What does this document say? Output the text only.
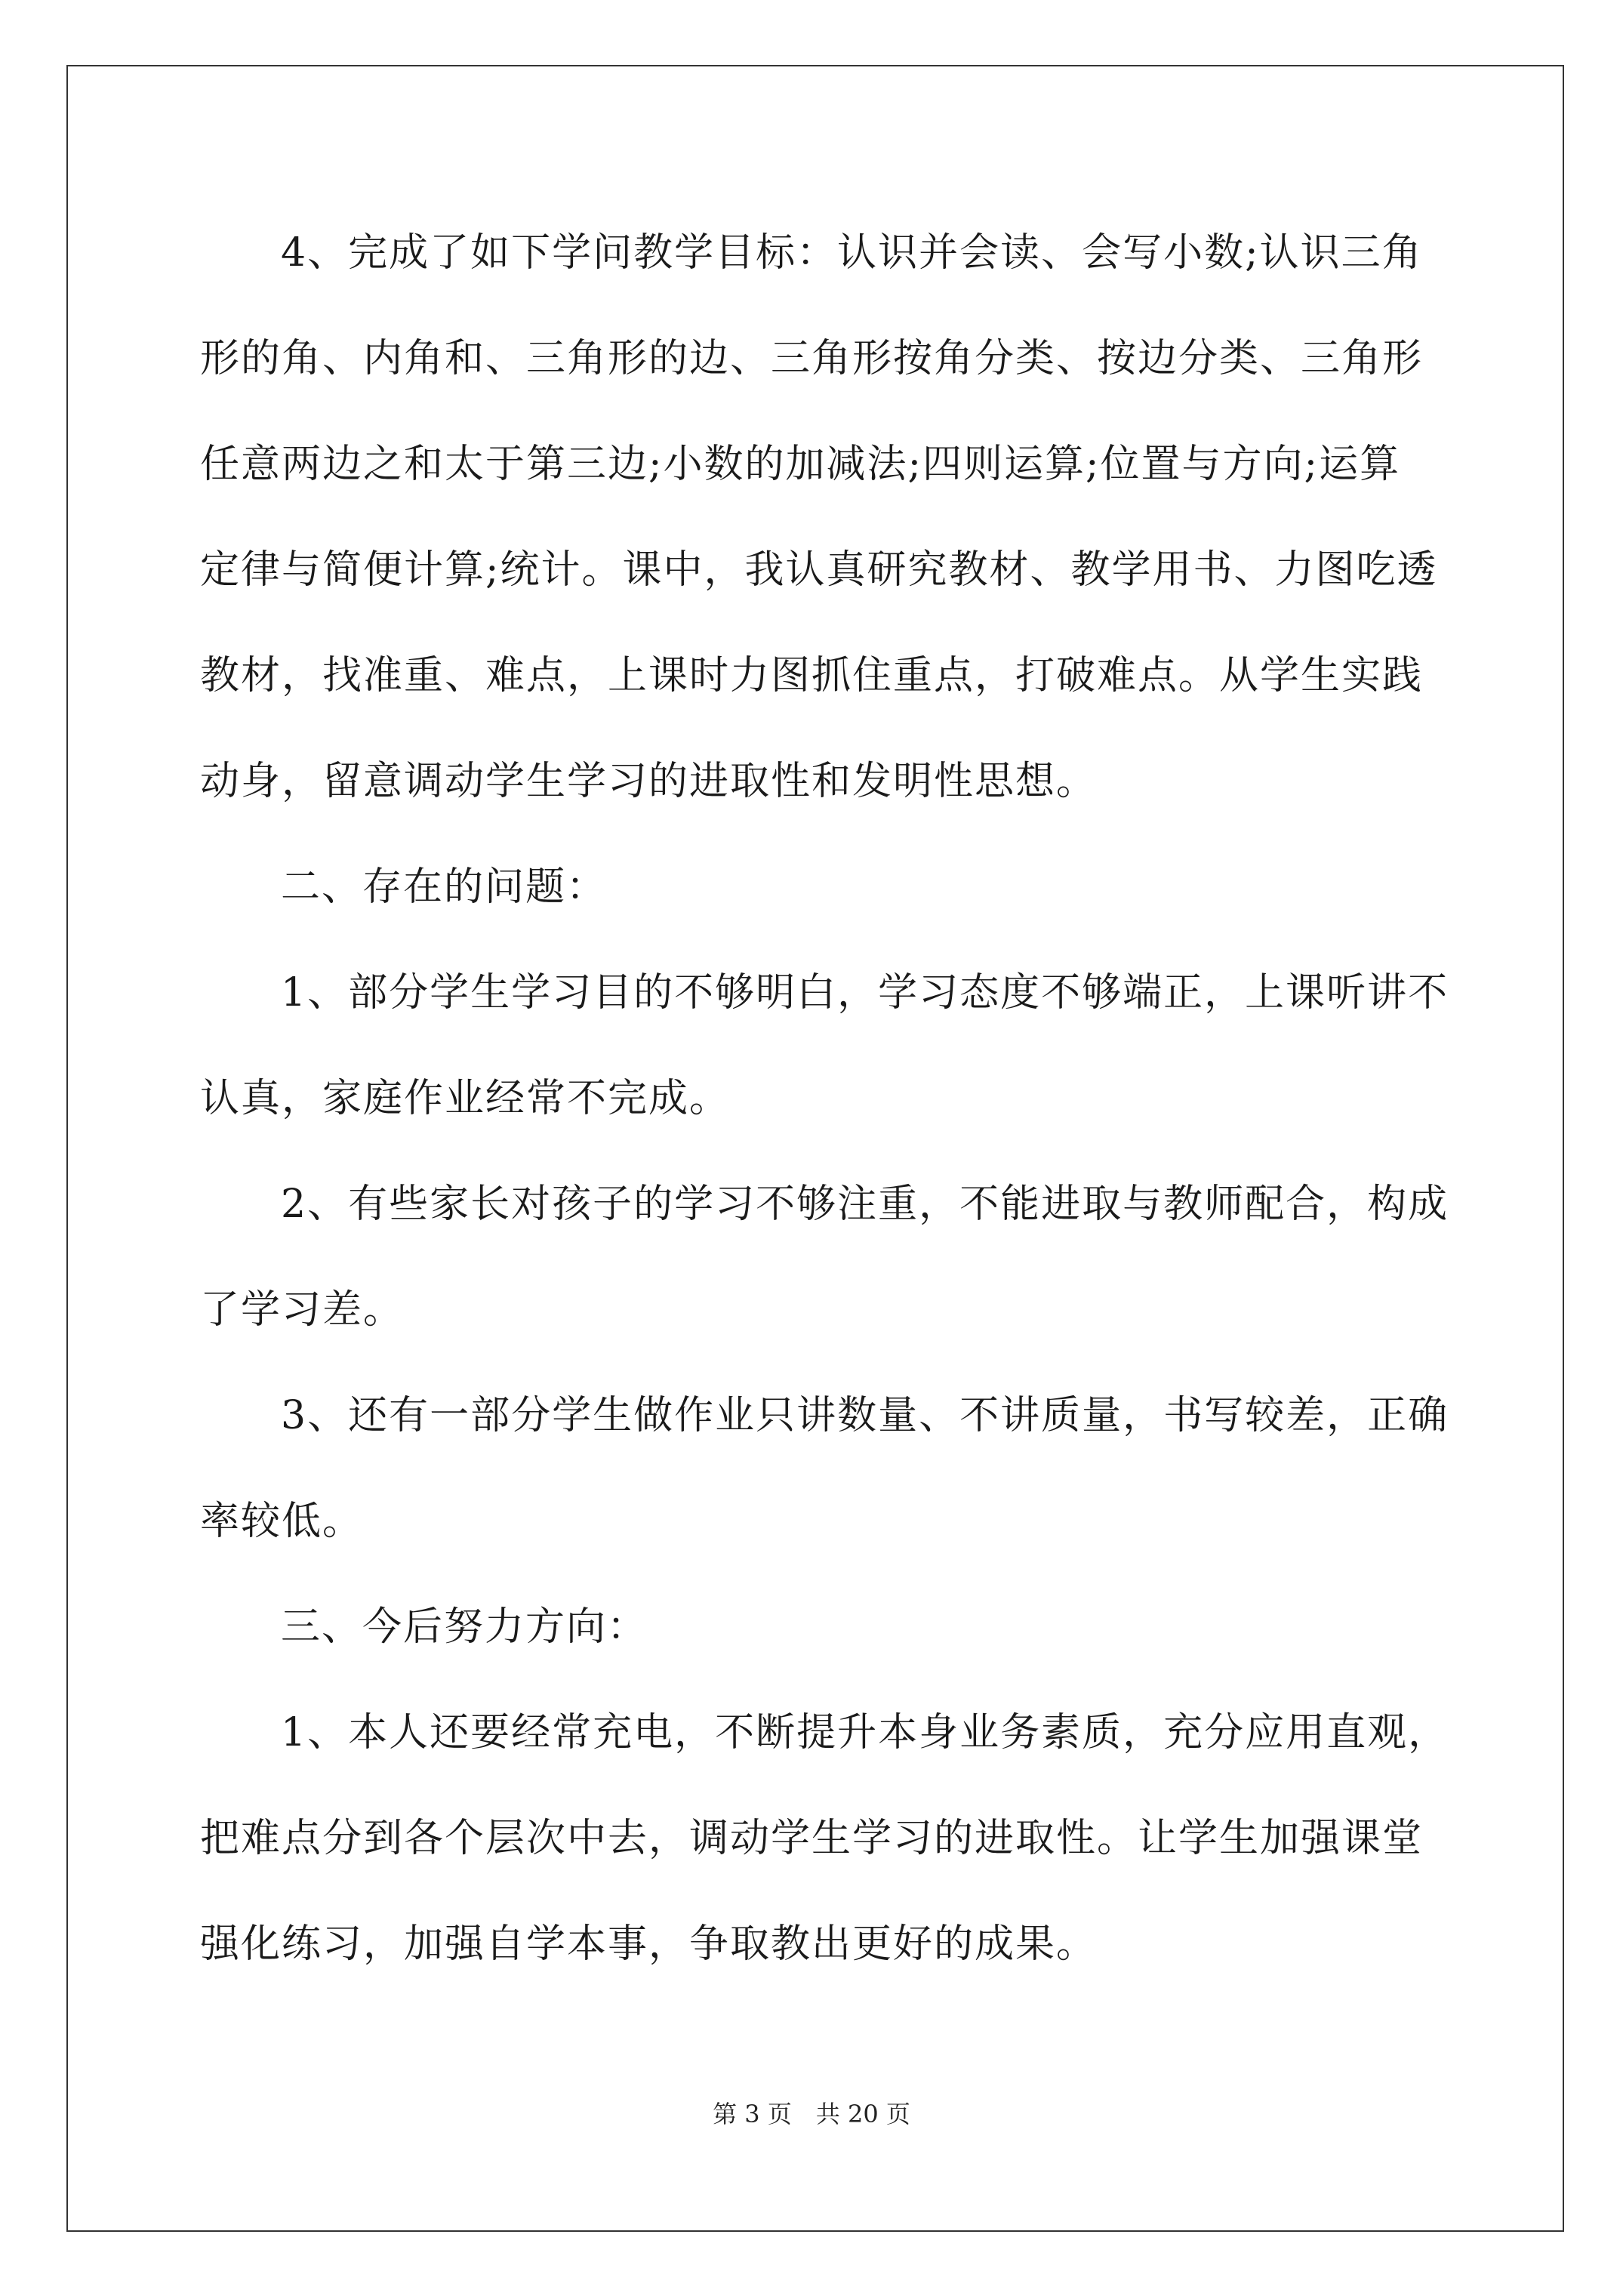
4、完成了如下学问教学目标：认识并会读、会写小数;认识三角
形的角、内角和、三角形的边、三角形按角分类、按边分类、三角形
任意两边之和太于第三边;小数的加减法;四则运算;位置与方向;运算
定律与简便计算;统计。课中，我认真研究教材、教学用书、力图吃透
教材，找准重、难点，上课时力图抓住重点，打破难点。从学生实践
动身，留意调动学生学习的进取性和发明性思想。
二、存在的问题：
1、部分学生学习目的不够明白，学习态度不够端正，上课听讲不
认真，家庭作业经常不完成。
2、有些家长对孩子的学习不够注重，不能进取与教师配合，构成
了学习差。
3、还有一部分学生做作业只讲数量、不讲质量，书写较差，正确
率较低。
三、今后努力方向：
1、本人还要经常充电，不断提升本身业务素质，充分应用直观，
把难点分到各个层次中去，调动学生学习的进取性。让学生加强课堂
强化练习，加强自学本事，争取教出更好的成果。
第 3 页　共 20 页
